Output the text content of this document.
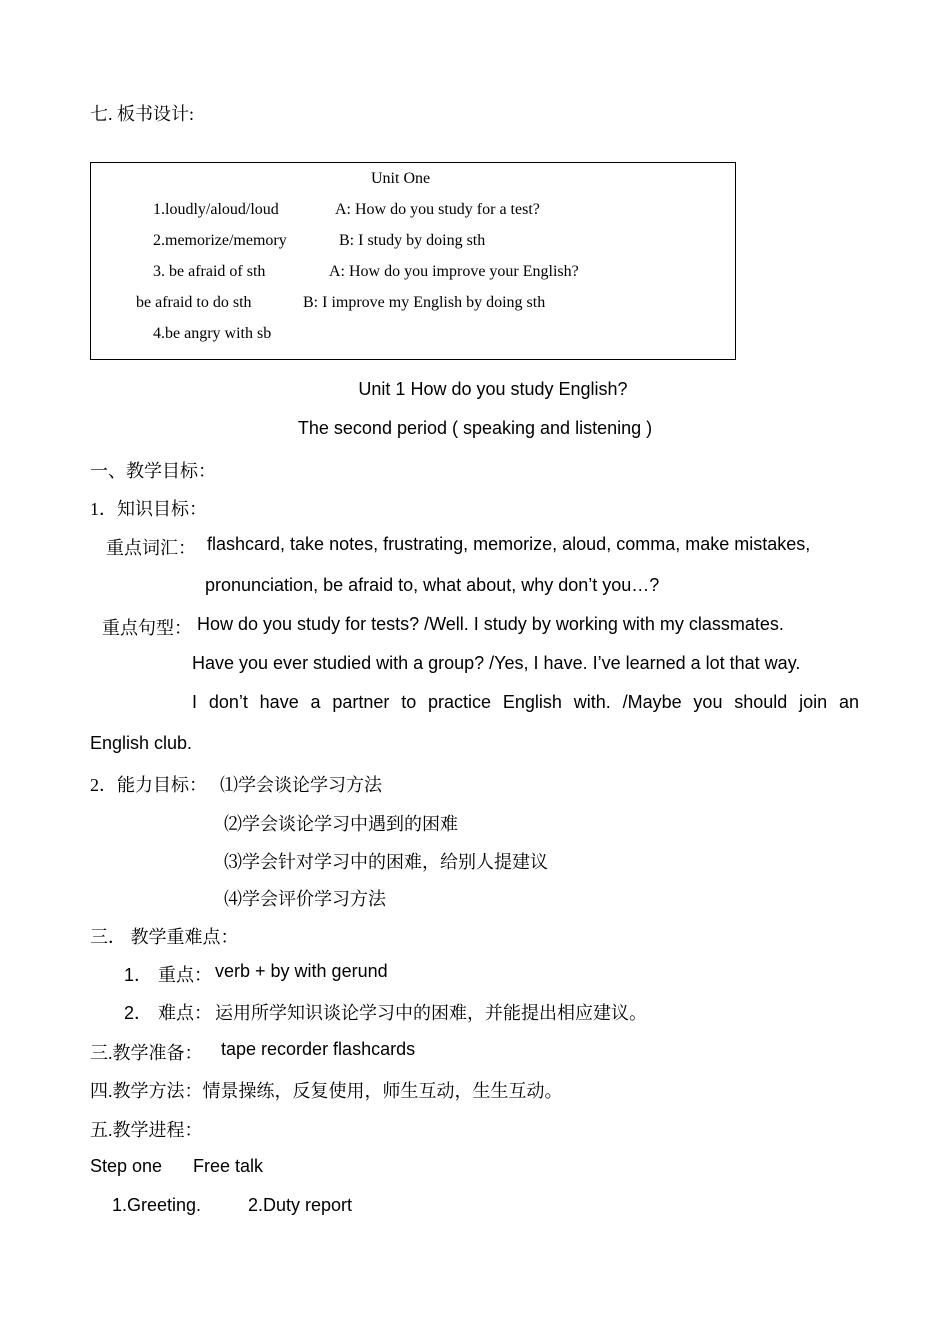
七. 板书设计:
Unit One
1.loudly/aloud/loud	A: How do you study for a test?
2.memorize/memory	B: I study by doing sth
3. be afraid of sth	A: How do you improve your English?
be afraid to do sth	B: I improve my English by doing sth
4.be angry with sb
Unit 1 How do you study English?
The second period ( speaking and listening )
一、教学目标：
1．知识目标：
重点词汇： flashcard, take notes, frustrating, memorize, aloud, comma, make mistakes,
pronunciation, be afraid to, what about, why don’t you…?
重点句型： How do you study for tests? /Well. I study by working with my classmates.
Have you ever studied with a group? /Yes, I have. I’ve learned a lot that way.
I don’t have a partner to practice English with. /Maybe you should join an
English club.
2．能力目标： ⑴学会谈论学习方法
⑵学会谈论学习中遇到的困难
⑶学会针对学习中的困难，给别人提建议
⑷学会评价学习方法
三． 教学重难点：
1． 重点： verb + by with gerund
2． 难点： 运用所学知识谈论学习中的困难，并能提出相应建议。
三.教学准备： tape recorder flashcards
四.教学方法：情景操练，反复使用，师生互动，生生互动。
五.教学进程：
Step one Free talk
1.Greeting.	2.Duty report
